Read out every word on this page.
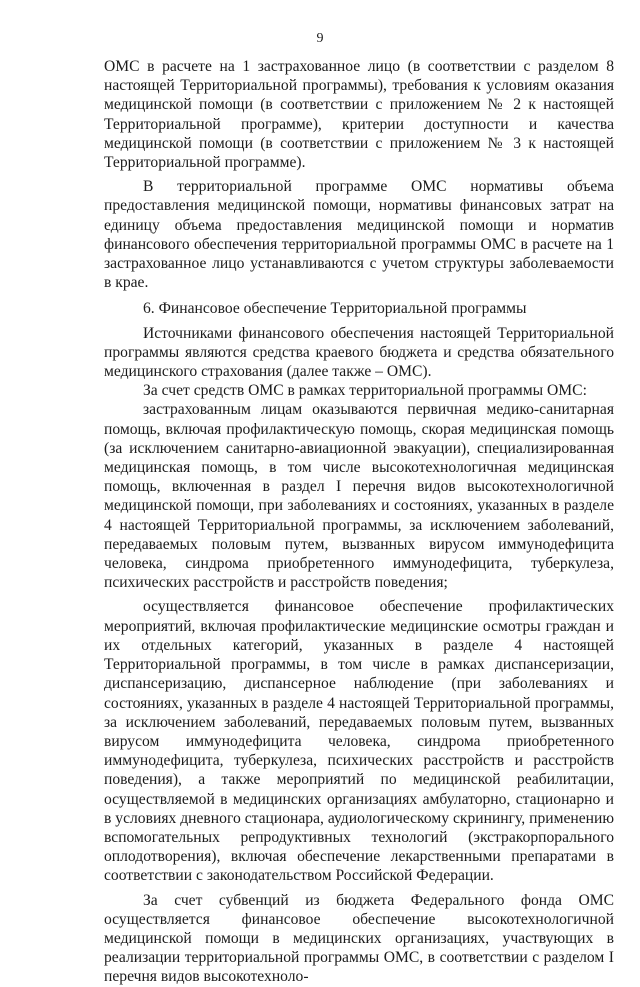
9

ОМС в расчете на 1 застрахованное лицо (в соответствии с разделом 8 настоящей Территориальной программы), требования к условиям оказания медицинской помощи (в соответствии с приложением № 2 к настоящей Территориальной программе), критерии доступности и качества медицинской помощи (в соответствии с приложением № 3 к настоящей Территориальной программе).

В территориальной программе ОМС нормативы объема предоставления медицинской помощи, нормативы финансовых затрат на единицу объема предоставления медицинской помощи и норматив финансового обеспечения территориальной программы ОМС в расчете на 1 застрахованное лицо устанавливаются с учетом структуры заболеваемости в крае.

6. Финансовое обеспечение Территориальной программы

Источниками финансового обеспечения настоящей Территориальной программы являются средства краевого бюджета и средства обязательного медицинского страхования (далее также – ОМС).

За счет средств ОМС в рамках территориальной программы ОМС:

застрахованным лицам оказываются первичная медико-санитарная помощь, включая профилактическую помощь, скорая медицинская помощь (за исключением санитарно-авиационной эвакуации), специализированная медицинская помощь, в том числе высокотехнологичная медицинская помощь, включенная в раздел I перечня видов высокотехнологичной медицинской помощи, при заболеваниях и состояниях, указанных в разделе 4 настоящей Территориальной программы, за исключением заболеваний, передаваемых половым путем, вызванных вирусом иммунодефицита человека, синдрома приобретенного иммунодефицита, туберкулеза, психических расстройств и расстройств поведения;

осуществляется финансовое обеспечение профилактических мероприятий, включая профилактические медицинские осмотры граждан и их отдельных категорий, указанных в разделе 4 настоящей Территориальной программы, в том числе в рамках диспансеризации, диспансеризацию, диспансерное наблюдение (при заболеваниях и состояниях, указанных в разделе 4 настоящей Территориальной программы, за исключением заболеваний, передаваемых половым путем, вызванных вирусом иммунодефицита человека, синдрома приобретенного иммунодефицита, туберкулеза, психических расстройств и расстройств поведения), а также мероприятий по медицинской реабилитации, осуществляемой в медицинских организациях амбулаторно, стационарно и в условиях дневного стационара, аудиологическому скринингу, применению вспомогательных репродуктивных технологий (экстракорпорального оплодотворения), включая обеспечение лекарственными препаратами в соответствии с законодательством Российской Федерации.

За счет субвенций из бюджета Федерального фонда ОМС осуществляется финансовое обеспечение высокотехнологичной медицинской помощи в медицинских организациях, участвующих в реализации территориальной программы ОМС, в соответствии с разделом I перечня видов высокотехноло-
